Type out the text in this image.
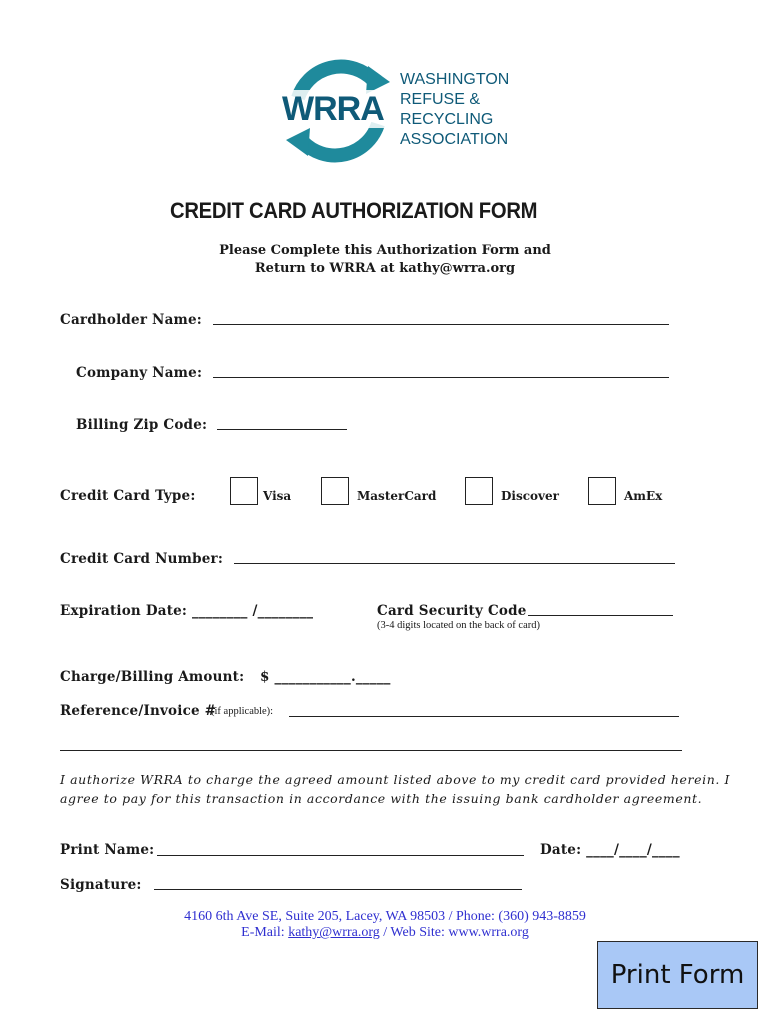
WRRA
WASHINGTON
REFUSE &
RECYCLING
ASSOCIATION
CREDIT CARD AUTHORIZATION FORM
Please Complete this Authorization Form and
Return to WRRA at kathy@wrra.org
Cardholder Name:
Company Name:
Billing Zip Code:
Credit Card Type:	Visa	MasterCard	Discover	AmEx
Credit Card Number:
Expiration Date: ________ /________	Card Security Code
(3-4 digits located on the back of card)
Charge/Billing Amount: $ ___________._____
Reference/Invoice #
(if applicable):
I authorize WRRA to charge the agreed amount listed above to my credit card provided herein. I
agree to pay for this transaction in accordance with the issuing bank cardholder agreement.
Print Name:	Date: ____/____/____
Signature:
4160 6th Ave SE, Suite 205, Lacey, WA 98503 / Phone: (360) 943-8859
E-Mail: kathy@wrra.org / Web Site: www.wrra.org
Print Form
